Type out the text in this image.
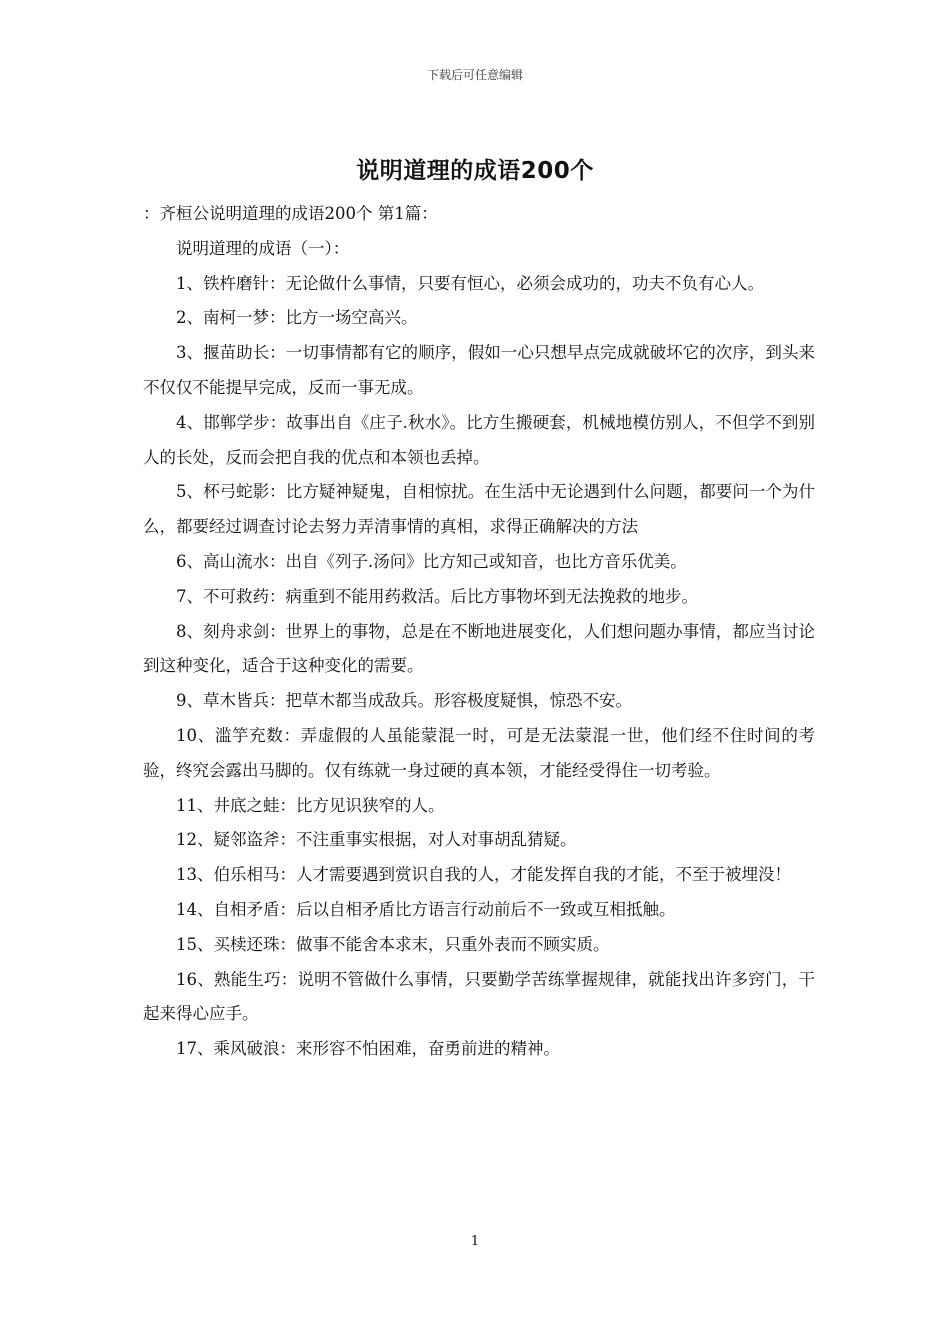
下载后可任意编辑
说明道理的成语200个

：齐桓公说明道理的成语200个 第1篇：

说明道理的成语（一）：

1、铁杵磨针：无论做什么事情，只要有恒心，必须会成功的，功夫不负有心人。

2、南柯一梦：比方一场空高兴。

3、揠苗助长：一切事情都有它的顺序，假如一心只想早点完成就破坏它的次序，到头来不仅仅不能提早完成，反而一事无成。

4、邯郸学步：故事出自《庄子.秋水》。比方生搬硬套，机械地模仿别人，不但学不到别人的长处，反而会把自我的优点和本领也丢掉。

5、杯弓蛇影：比方疑神疑鬼，自相惊扰。在生活中无论遇到什么问题，都要问一个为什么，都要经过调查讨论去努力弄清事情的真相，求得正确解决的方法

6、高山流水：出自《列子.汤问》比方知己或知音，也比方音乐优美。

7、不可救药：病重到不能用药救活。后比方事物坏到无法挽救的地步。

8、刻舟求剑：世界上的事物，总是在不断地进展变化，人们想问题办事情，都应当讨论到这种变化，适合于这种变化的需要。

9、草木皆兵：把草木都当成敌兵。形容极度疑惧，惊恐不安。

10、滥竽充数：弄虚假的人虽能蒙混一时，可是无法蒙混一世，他们经不住时间的考验，终究会露出马脚的。仅有练就一身过硬的真本领，才能经受得住一切考验。

11、井底之蛙：比方见识狭窄的人。

12、疑邻盗斧：不注重事实根据，对人对事胡乱猜疑。

13、伯乐相马：人才需要遇到赏识自我的人，才能发挥自我的才能，不至于被埋没！

14、自相矛盾：后以自相矛盾比方语言行动前后不一致或互相抵触。

15、买椟还珠：做事不能舍本求末，只重外表而不顾实质。

16、熟能生巧：说明不管做什么事情，只要勤学苦练掌握规律，就能找出许多窍门，干起来得心应手。

17、乘风破浪：来形容不怕困难，奋勇前进的精神。

1
